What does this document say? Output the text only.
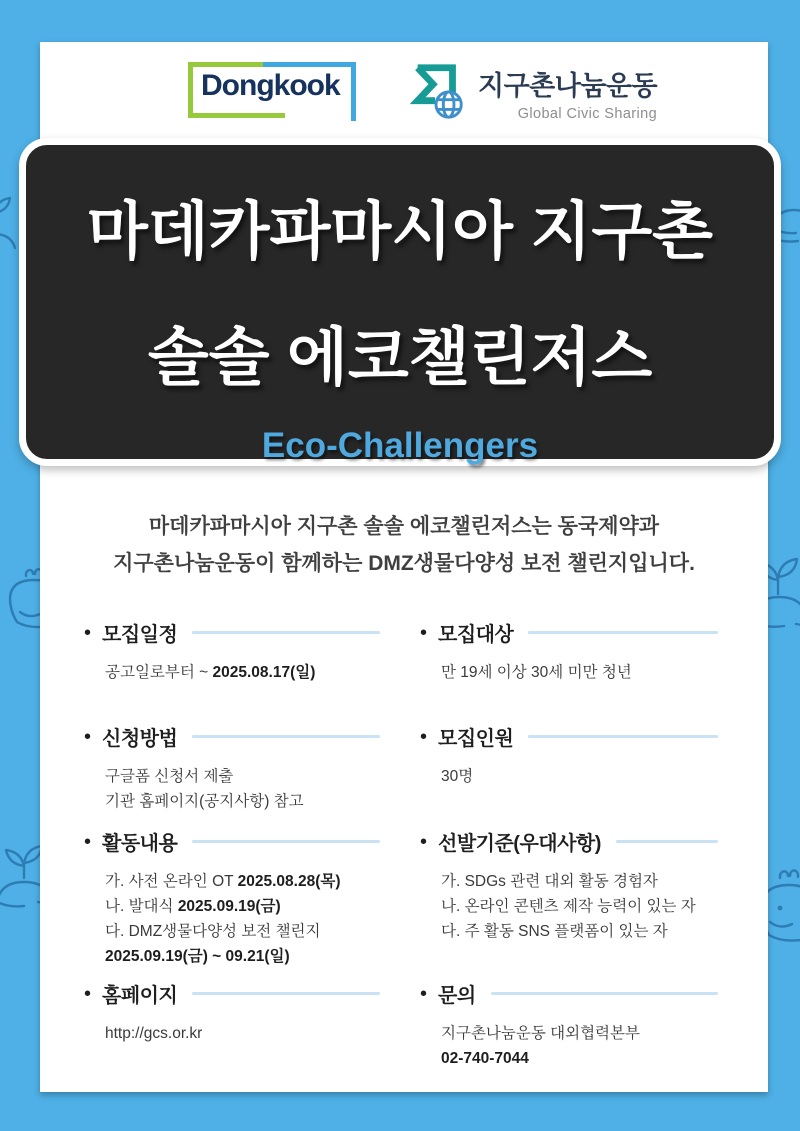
Dongkook	지구촌나눔운동
Global Civic Sharing
마데카파마시아 지구촌
솔솔 에코챌린저스
Eco-Challengers
마데카파마시아 지구촌 솔솔 에코챌린저스는 동국제약과
지구촌나눔운동이 함께하는 DMZ생물다양성 보전 챌린지입니다.
• 모집일정
공고일로부터 ~ 2025.08.17(일)
• 모집대상
만 19세 이상 30세 미만 청년
• 신청방법
구글폼 신청서 제출
기관 홈페이지(공지사항) 참고
• 모집인원
30명
• 활동내용
가. 사전 온라인 OT 2025.08.28(목)
나. 발대식 2025.09.19(금)
다. DMZ생물다양성 보전 챌린지
2025.09.19(금) ~ 09.21(일)
• 선발기준(우대사항)
가. SDGs 관련 대외 활동 경험자
나. 온라인 콘텐츠 제작 능력이 있는 자
다. 주 활동 SNS 플랫폼이 있는 자
• 홈페이지
http://gcs.or.kr
• 문의
지구촌나눔운동 대외협력본부
02-740-7044
